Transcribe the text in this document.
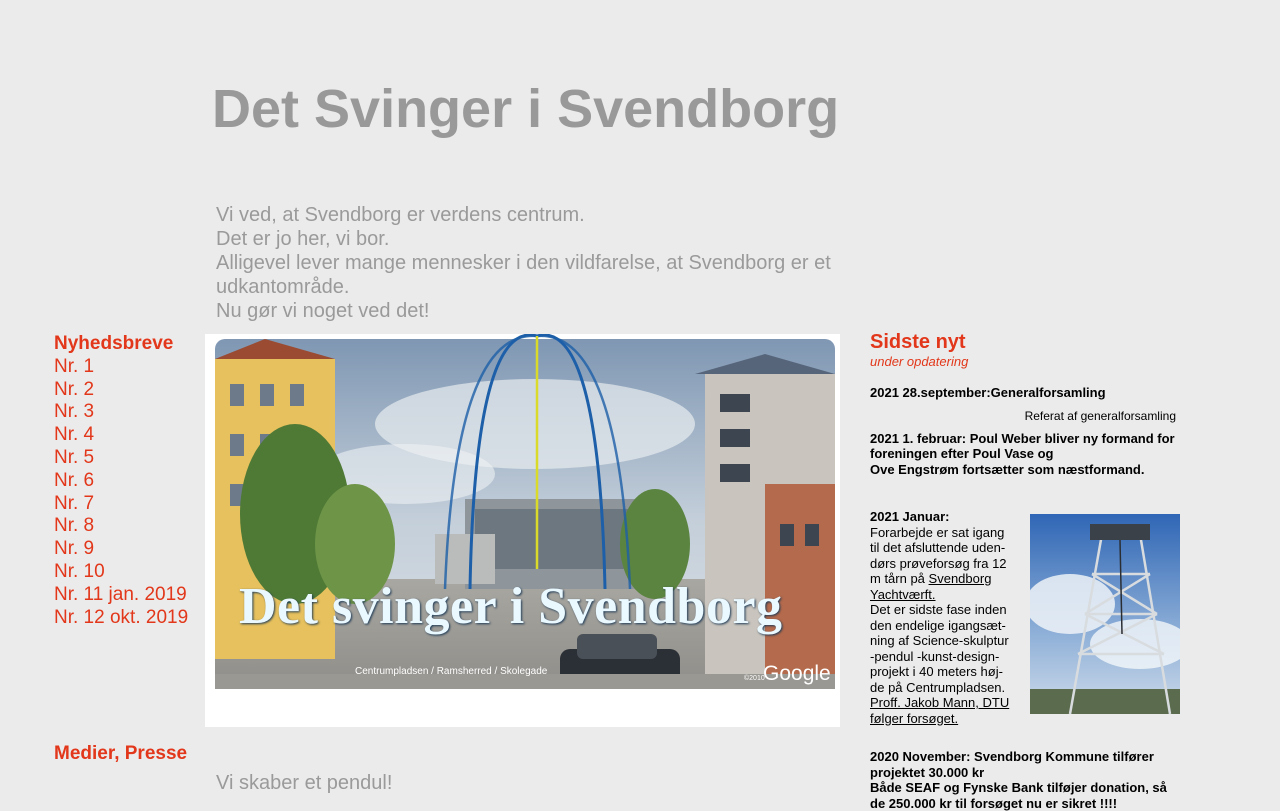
Det Svinger i Svendborg

Vi ved, at Svendborg er verdens centrum.

Det er jo her, vi bor.

Alligevel lever mange mennesker i den vildfarelse, at Svendborg er et udkantområde.

Nu gør vi noget ved det!

Nyhedsbreve
Nr. 1
Nr. 2
Nr. 3
Nr. 4
Nr. 5
Nr. 6
Nr. 7
Nr. 8
Nr. 9
Nr. 10
Nr. 11 jan. 2019
Nr. 12 okt. 2019
Medier, Presse
Det svinger i Svendborg
Centrumpladsen / Ramsherred / Skolegade
©2010
Google
Sidste nyt
under opdatering
2021 28.september:Generalforsamling
Referat af generalforsamling
2021 1. februar: Poul Weber bliver ny formand for foreningen efter Poul Vase og
Ove Engstrøm fortsætter som næstformand.
2021 Januar:
Forarbejde er sat igang til det afsluttende uden-dørs prøveforsøg fra 12 m tårn på Svendborg Yachtværft.
Det er sidste fase inden den endelige igangsæt-ning af Science-skulptur -pendul -kunst-design-projekt i 40 meters høj-de på Centrumpladsen.
Proff. Jakob Mann, DTU følger forsøget.
2020 November: Svendborg Kommune tilfører projektet 30.000 kr
Både SEAF og Fynske Bank tilføjer donation, så de 250.000 kr til forsøget nu er sikret !!!!
Vi skaber et pendul!
